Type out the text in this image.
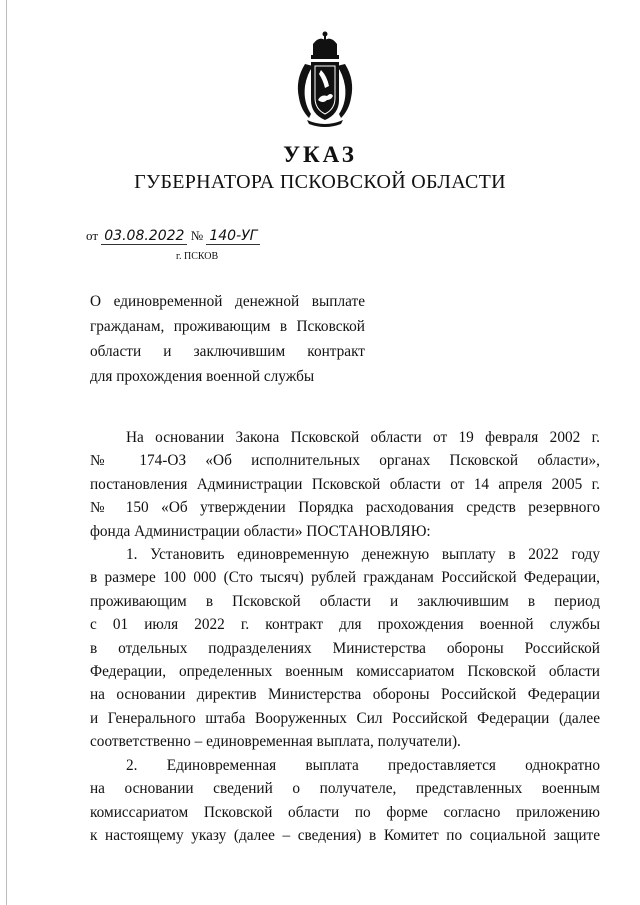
УКАЗ
ГУБЕРНАТОРА ПСКОВСКОЙ ОБЛАСТИ
от 03.08.2022 № 140-УГ
г. ПСКОВ
О единовременной денежной выплате
гражданам, проживающим в Псковской
области и заключившим контракт
для прохождения военной службы
На основании Закона Псковской области от 19 февраля 2002 г.
№ 174-ОЗ «Об исполнительных органах Псковской области»,
постановления Администрации Псковской области от 14 апреля 2005 г.
№ 150 «Об утверждении Порядка расходования средств резервного
фонда Администрации области» ПОСТАНОВЛЯЮ:
1. Установить единовременную денежную выплату в 2022 году
в размере 100 000 (Сто тысяч) рублей гражданам Российской Федерации,
проживающим в Псковской области и заключившим в период
с 01 июля 2022 г. контракт для прохождения военной службы
в отдельных подразделениях Министерства обороны Российской
Федерации, определенных военным комиссариатом Псковской области
на основании директив Министерства обороны Российской Федерации
и Генерального штаба Вооруженных Сил Российской Федерации (далее
соответственно – единовременная выплата, получатели).
2. Единовременная выплата предоставляется однократно
на основании сведений о получателе, представленных военным
комиссариатом Псковской области по форме согласно приложению
к настоящему указу (далее – сведения) в Комитет по социальной защите
